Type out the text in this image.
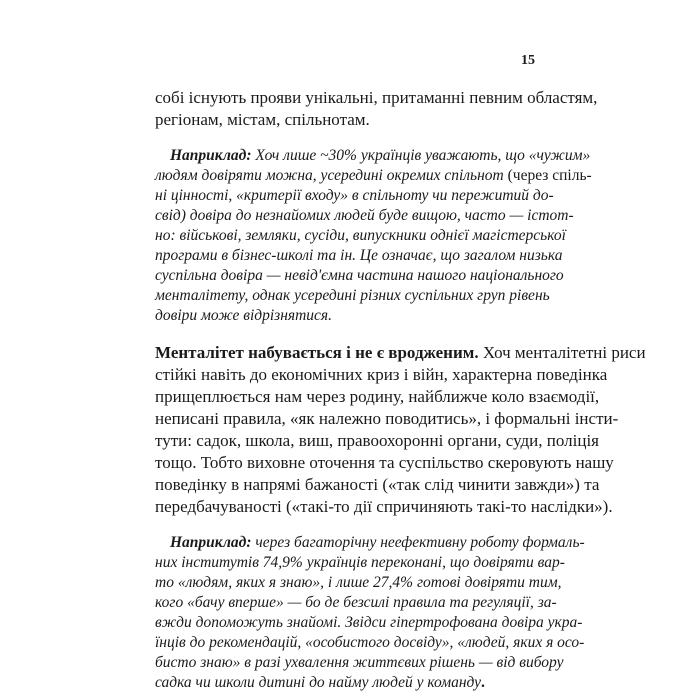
15
собі існують прояви унікальні, притаманні певним областям,
регіонам, містам, спільнотам.
Наприклад: Хоч лише ~30% українців уважають, що «чужим»
людям довіряти можна, усередині окремих спільнот (через спіль-
ні цінності, «критерії входу» в спільноту чи пережитий до-
свід) довіра до незнайомих людей буде вищою, часто — істот-
но: військові, земляки, сусіди, випускники однієї магістерської
програми в бізнес-школі та ін. Це означає, що загалом низька
суспільна довіра — невід'ємна частина нашого національного
менталітету, однак усередині різних суспільних груп рівень
довіри може відрізнятися.
Менталітет набувається і не є вродженим. Хоч менталітетні риси
стійкі навіть до економічних криз і війн, характерна поведінка
прищеплюється нам через родину, найближче коло взаємодії,
неписані правила, «як належно поводитись», і формальні інсти-
тути: садок, школа, виш, правоохоронні органи, суди, поліція
тощо. Тобто виховне оточення та суспільство скеровують нашу
поведінку в напрямі бажаності («так слід чинити завжди») та
передбачуваності («такі-то дії спричиняють такі-то наслідки»).
Наприклад: через багаторічну неефективну роботу формаль-
них інститутів 74,9% українців переконані, що довіряти вар-
то «людям, яких я знаю», і лише 27,4% готові довіряти тим,
кого «бачу вперше» — бо де безсилі правила та регуляції, за-
вжди допоможуть знайомі. Звідси гіпертрофована довіра укра-
їнців до рекомендацій, «особистого досвіду», «людей, яких я осо-
бисто знаю» в разі ухвалення життєвих рішень — від вибору
садка чи школи дитині до найму людей у команду.
